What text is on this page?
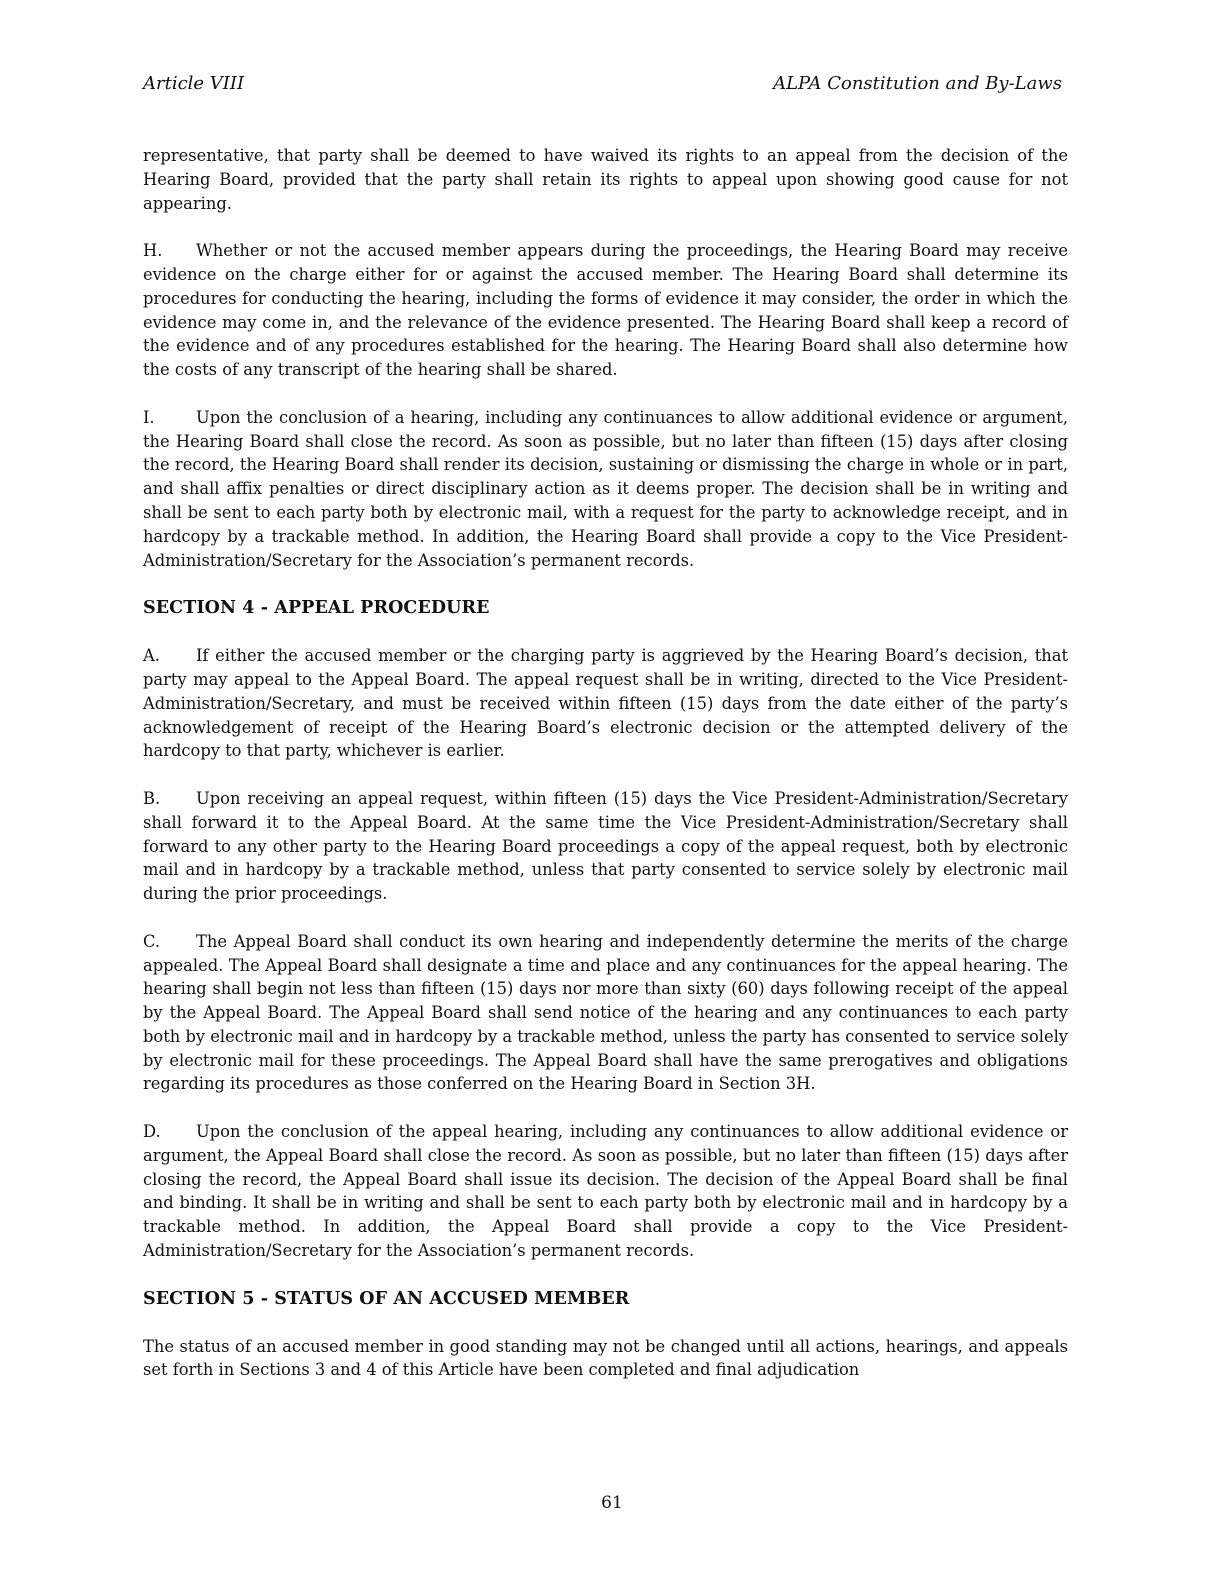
Article VIII	ALPA Constitution and By-Laws

representative, that party shall be deemed to have waived its rights to an appeal from the decision of the Hearing Board, provided that the party shall retain its rights to appeal upon showing good cause for not appearing.

H. Whether or not the accused member appears during the proceedings, the Hearing Board may receive evidence on the charge either for or against the accused member. The Hearing Board shall determine its procedures for conducting the hearing, including the forms of evidence it may consider, the order in which the evidence may come in, and the relevance of the evidence presented. The Hearing Board shall keep a record of the evidence and of any procedures established for the hearing. The Hearing Board shall also determine how the costs of any transcript of the hearing shall be shared.

I.	Upon the conclusion of a hearing, including any continuances to allow additional evidence or argument, the Hearing Board shall close the record. As soon as possible, but no later than fifteen (15) days after closing the record, the Hearing Board shall render its decision, sustaining or dismissing the charge in whole or in part, and shall affix penalties or direct disciplinary action as it deems proper. The decision shall be in writing and shall be sent to each party both by electronic mail, with a request for the party to acknowledge receipt, and in hardcopy by a trackable method. In addition, the Hearing Board shall provide a copy to the Vice President-Administration/Secretary for the Association’s permanent records.

SECTION 4 - APPEAL PROCEDURE

A. If either the accused member or the charging party is aggrieved by the Hearing Board’s decision, that party may appeal to the Appeal Board. The appeal request shall be in writing, directed to the Vice President-Administration/Secretary, and must be received within fifteen (15) days from the date either of the party’s acknowledgement of receipt of the Hearing Board’s electronic decision or the attempted delivery of the hardcopy to that party, whichever is earlier.

B. Upon receiving an appeal request, within fifteen (15) days the Vice President-Administration/Secretary shall forward it to the Appeal Board. At the same time the Vice President-Administration/Secretary shall forward to any other party to the Hearing Board proceedings a copy of the appeal request, both by electronic mail and in hardcopy by a trackable method, unless that party consented to service solely by electronic mail during the prior proceedings.

C. The Appeal Board shall conduct its own hearing and independently determine the merits of the charge appealed. The Appeal Board shall designate a time and place and any continuances for the appeal hearing. The hearing shall begin not less than fifteen (15) days nor more than sixty (60) days following receipt of the appeal by the Appeal Board. The Appeal Board shall send notice of the hearing and any continuances to each party both by electronic mail and in hardcopy by a trackable method, unless the party has consented to service solely by electronic mail for these proceedings. The Appeal Board shall have the same prerogatives and obligations regarding its procedures as those conferred on the Hearing Board in Section 3H.

D. Upon the conclusion of the appeal hearing, including any continuances to allow additional evidence or argument, the Appeal Board shall close the record. As soon as possible, but no later than fifteen (15) days after closing the record, the Appeal Board shall issue its decision. The decision of the Appeal Board shall be final and binding. It shall be in writing and shall be sent to each party both by electronic mail and in hardcopy by a trackable method. In addition, the Appeal Board shall provide a copy to the Vice President-Administration/Secretary for the Association’s permanent records.

SECTION 5 - STATUS OF AN ACCUSED MEMBER

The status of an accused member in good standing may not be changed until all actions, hearings, and appeals set forth in Sections 3 and 4 of this Article have been completed and final adjudication

61
